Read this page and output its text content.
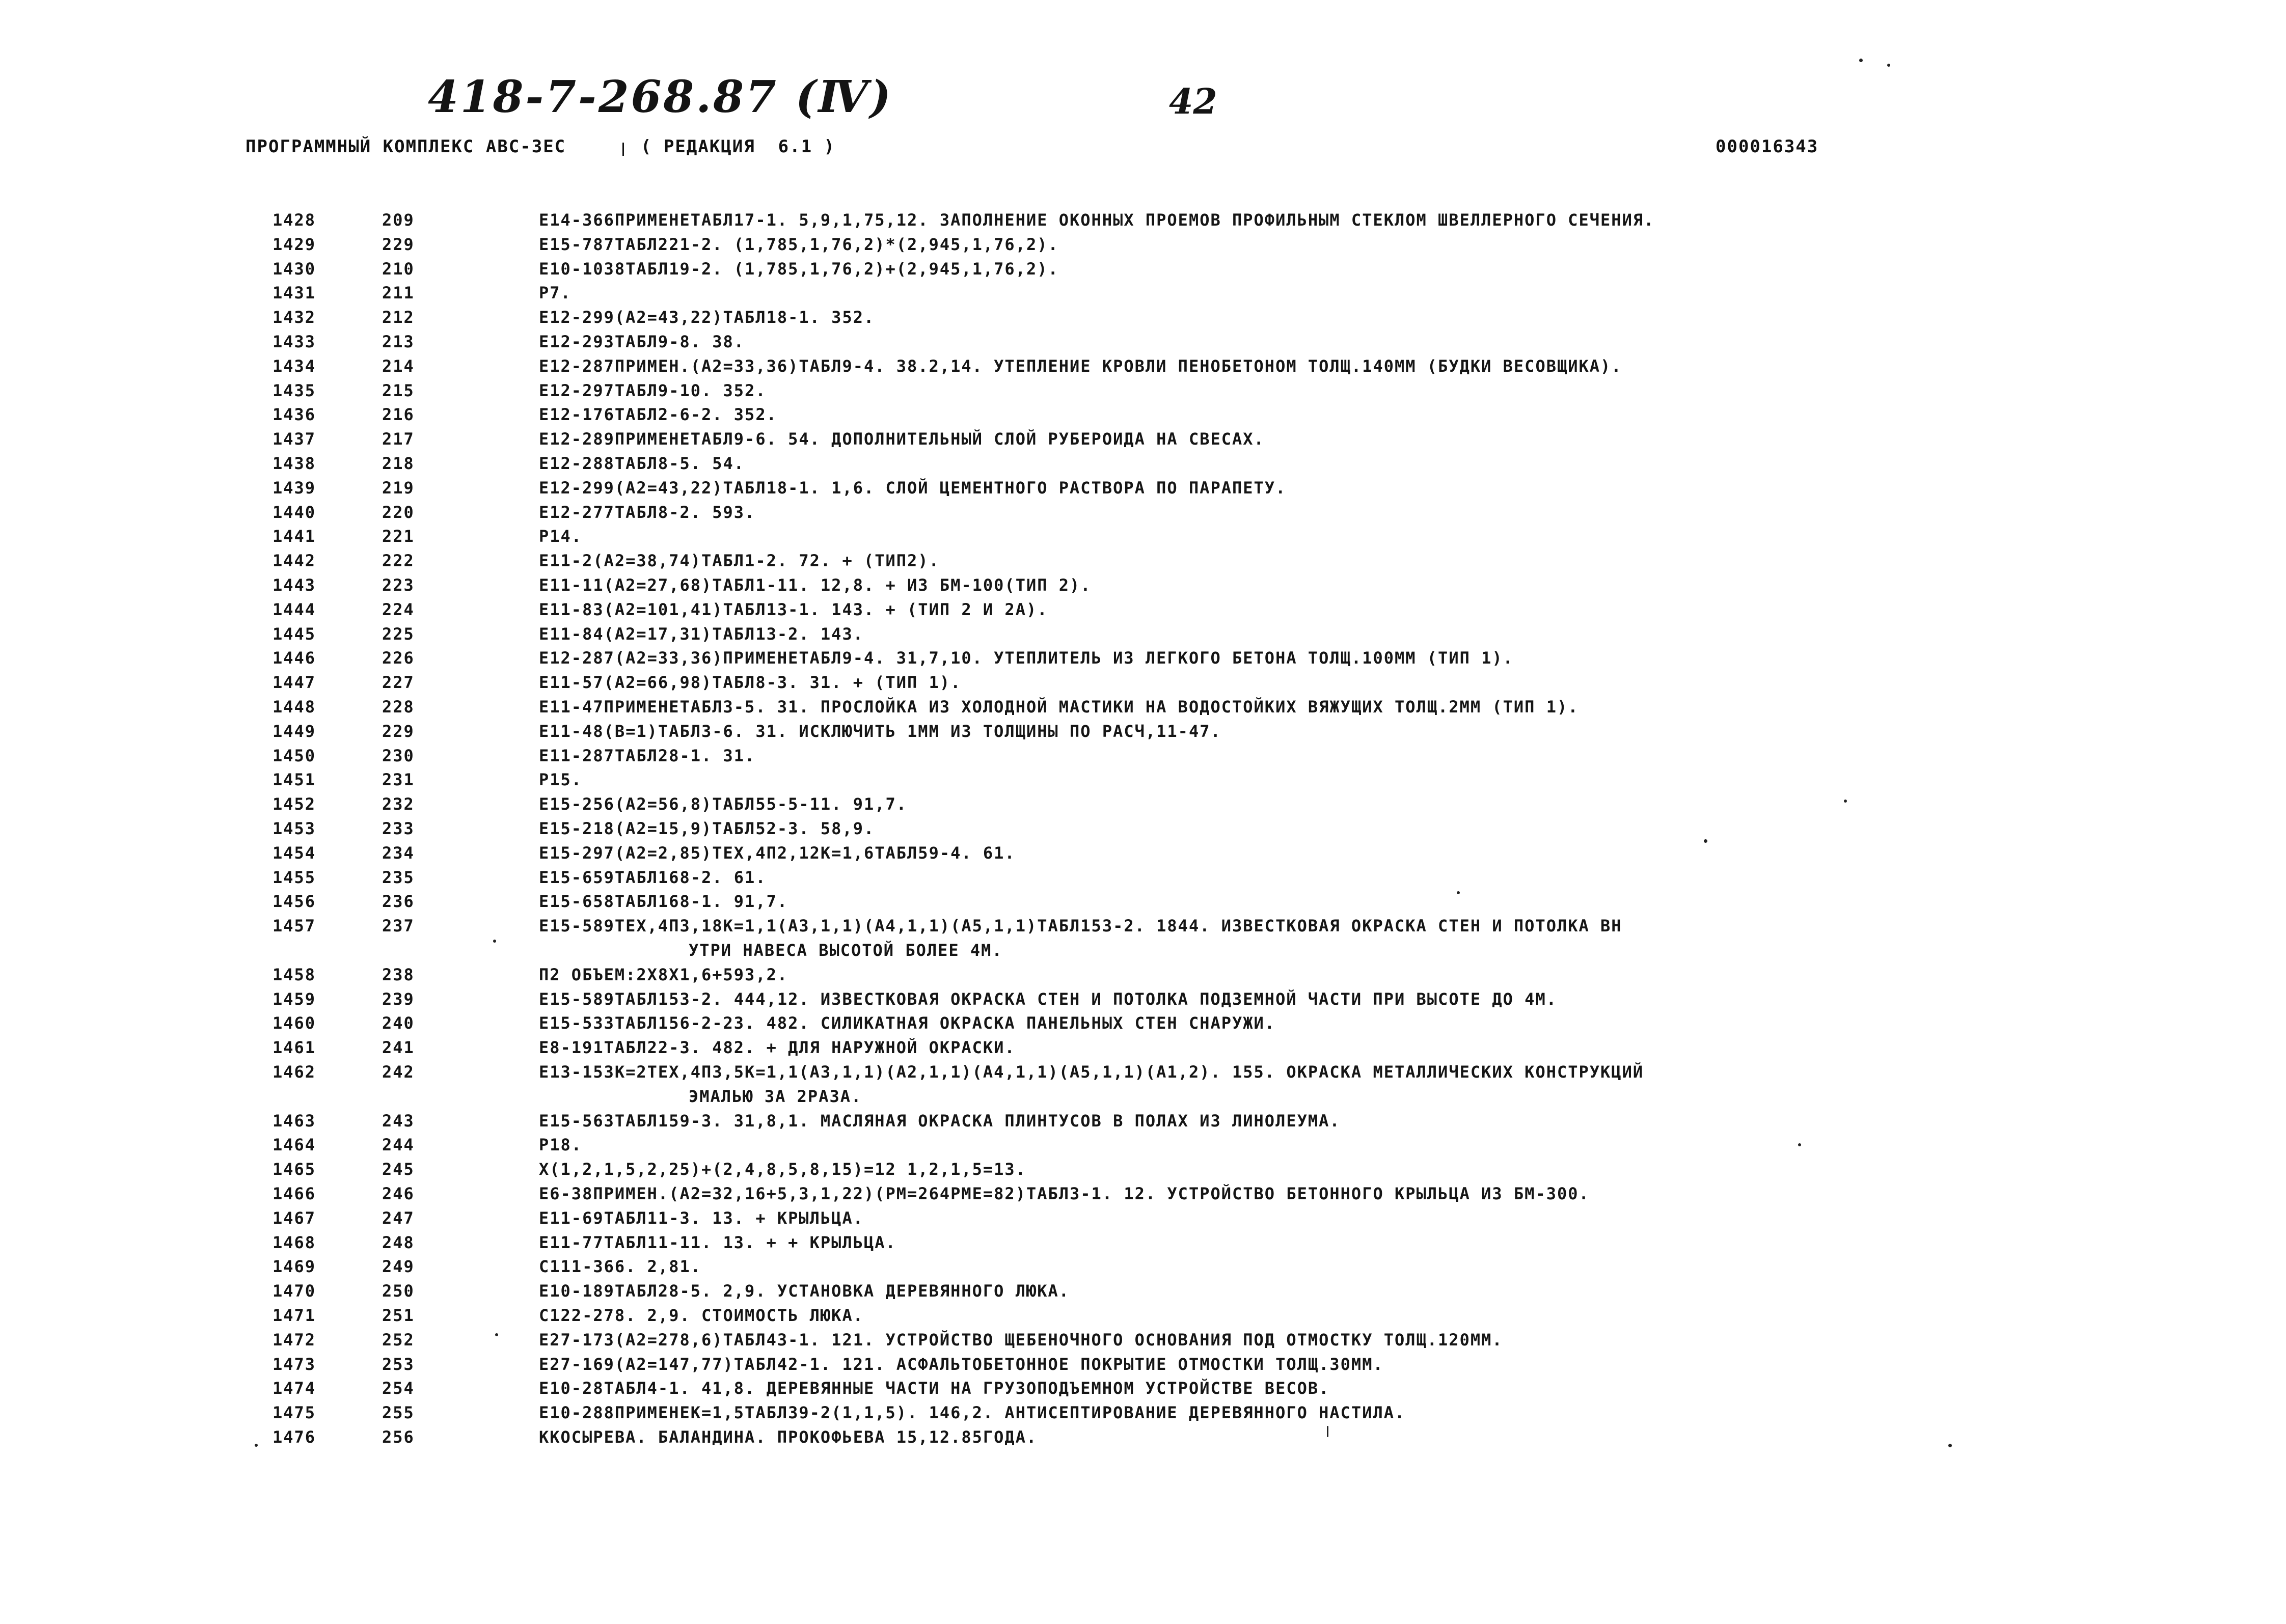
418-7-268.87 (Ⅳ)	42
ПРОГРАММНЫЙ КОМПЛЕКС АВС-3ЕС	( РЕДАКЦИЯ  6.1 )	000016343
1428	209	Е14-366ПРИМЕНЕТАБЛ17-1. 5,9,1,75,12. ЗАПОЛНЕНИЕ ОКОННЫХ ПРОЕМОВ ПРОФИЛЬНЫМ СТЕКЛОМ ШВЕЛЛЕРНОГО СЕЧЕНИЯ.
1429	229	Е15-787ТАБЛ221-2. (1,785,1,76,2)*(2,945,1,76,2).
1430	210	Е10-1038ТАБЛ19-2. (1,785,1,76,2)+(2,945,1,76,2).
1431	211	Р7.
1432	212	Е12-299(А2=43,22)ТАБЛ18-1. 352.
1433	213	Е12-293ТАБЛ9-8. 38.
1434	214	Е12-287ПРИМЕН.(А2=33,36)ТАБЛ9-4. 38.2,14. УТЕПЛЕНИЕ КРОВЛИ ПЕНОБЕТОНОМ ТОЛЩ.140ММ (БУДКИ ВЕСОВЩИКА).
1435	215	Е12-297ТАБЛ9-10. 352.
1436	216	Е12-176ТАБЛ2-6-2. 352.
1437	217	Е12-289ПРИМЕНЕТАБЛ9-6. 54. ДОПОЛНИТЕЛЬНЫЙ СЛОЙ РУБЕРОИДА НА СВЕСАХ.
1438	218	Е12-288ТАБЛ8-5. 54.
1439	219	Е12-299(А2=43,22)ТАБЛ18-1. 1,6. СЛОЙ ЦЕМЕНТНОГО РАСТВОРА ПО ПАРАПЕТУ.
1440	220	Е12-277ТАБЛ8-2. 593.
1441	221	Р14.
1442	222	Е11-2(А2=38,74)ТАБЛ1-2. 72. + (ТИП2).
1443	223	Е11-11(А2=27,68)ТАБЛ1-11. 12,8. + ИЗ БМ-100(ТИП 2).
1444	224	Е11-83(А2=101,41)ТАБЛ13-1. 143. + (ТИП 2 И 2А).
1445	225	Е11-84(А2=17,31)ТАБЛ13-2. 143.
1446	226	Е12-287(А2=33,36)ПРИМЕНЕТАБЛ9-4. 31,7,10. УТЕПЛИТЕЛЬ ИЗ ЛЕГКОГО БЕТОНА ТОЛЩ.100ММ (ТИП 1).
1447	227	Е11-57(А2=66,98)ТАБЛ8-3. 31. + (ТИП 1).
1448	228	Е11-47ПРИМЕНЕТАБЛ3-5. 31. ПРОСЛОЙКА ИЗ ХОЛОДНОЙ МАСТИКИ НА ВОДОСТОЙКИХ ВЯЖУЩИХ ТОЛЩ.2ММ (ТИП 1).
1449	229	Е11-48(В=1)ТАБЛ3-6. 31. ИСКЛЮЧИТЬ 1ММ ИЗ ТОЛЩИНЫ ПО РАСЧ,11-47.
1450	230	Е11-287ТАБЛ28-1. 31.
1451	231	Р15.
1452	232	Е15-256(А2=56,8)ТАБЛ55-5-11. 91,7.
1453	233	Е15-218(А2=15,9)ТАБЛ52-3. 58,9.
1454	234	Е15-297(А2=2,85)ТЕХ,4П2,12К=1,6ТАБЛ59-4. 61.
1455	235	Е15-659ТАБЛ168-2. 61.
1456	236	Е15-658ТАБЛ168-1. 91,7.
1457	237	Е15-589ТЕХ,4П3,18К=1,1(А3,1,1)(А4,1,1)(А5,1,1)ТАБЛ153-2. 1844. ИЗВЕСТКОВАЯ ОКРАСКА СТЕН И ПОТОЛКА ВН
УТРИ НАВЕСА ВЫСОТОЙ БОЛЕЕ 4М.
1458	238	П2 ОБЪЕМ:2Х8Х1,6+593,2.
1459	239	Е15-589ТАБЛ153-2. 444,12. ИЗВЕСТКОВАЯ ОКРАСКА СТЕН И ПОТОЛКА ПОДЗЕМНОЙ ЧАСТИ ПРИ ВЫСОТЕ ДО 4М.
1460	240	Е15-533ТАБЛ156-2-23. 482. СИЛИКАТНАЯ ОКРАСКА ПАНЕЛЬНЫХ СТЕН СНАРУЖИ.
1461	241	Е8-191ТАБЛ22-3. 482. + ДЛЯ НАРУЖНОЙ ОКРАСКИ.
1462	242	Е13-153К=2ТЕХ,4П3,5К=1,1(А3,1,1)(А2,1,1)(А4,1,1)(А5,1,1)(А1,2). 155. ОКРАСКА МЕТАЛЛИЧЕСКИХ КОНСТРУКЦИЙ
ЭМАЛЬЮ ЗА 2РАЗА.
1463	243	Е15-563ТАБЛ159-3. 31,8,1. МАСЛЯНАЯ ОКРАСКА ПЛИНТУСОВ В ПОЛАХ ИЗ ЛИНОЛЕУМА.
1464	244	Р18.
1465	245	Х(1,2,1,5,2,25)+(2,4,8,5,8,15)=12 1,2,1,5=13.
1466	246	Е6-38ПРИМЕН.(А2=32,16+5,3,1,22)(РМ=264РМЕ=82)ТАБЛ3-1. 12. УСТРОЙСТВО БЕТОННОГО КРЫЛЬЦА ИЗ БМ-300.
1467	247	Е11-69ТАБЛ11-3. 13. + КРЫЛЬЦА.
1468	248	Е11-77ТАБЛ11-11. 13. + + КРЫЛЬЦА.
1469	249	С111-366. 2,81.
1470	250	Е10-189ТАБЛ28-5. 2,9. УСТАНОВКА ДЕРЕВЯННОГО ЛЮКА.
1471	251	С122-278. 2,9. СТОИМОСТЬ ЛЮКА.
1472	252	Е27-173(А2=278,6)ТАБЛ43-1. 121. УСТРОЙСТВО ЩЕБЕНОЧНОГО ОСНОВАНИЯ ПОД ОТМОСТКУ ТОЛЩ.120ММ.
1473	253	Е27-169(А2=147,77)ТАБЛ42-1. 121. АСФАЛЬТОБЕТОННОЕ ПОКРЫТИЕ ОТМОСТКИ ТОЛЩ.30ММ.
1474	254	Е10-28ТАБЛ4-1. 41,8. ДЕРЕВЯННЫЕ ЧАСТИ НА ГРУЗОПОДЪЕМНОМ УСТРОЙСТВЕ ВЕСОВ.
1475	255	Е10-288ПРИМЕНЕК=1,5ТАБЛ39-2(1,1,5). 146,2. АНТИСЕПТИРОВАНИЕ ДЕРЕВЯННОГО НАСТИЛА.
1476	256	ККОСЫРЕВА. БАЛАНДИНА. ПРОКОФЬЕВА 15,12.85ГОДА.
